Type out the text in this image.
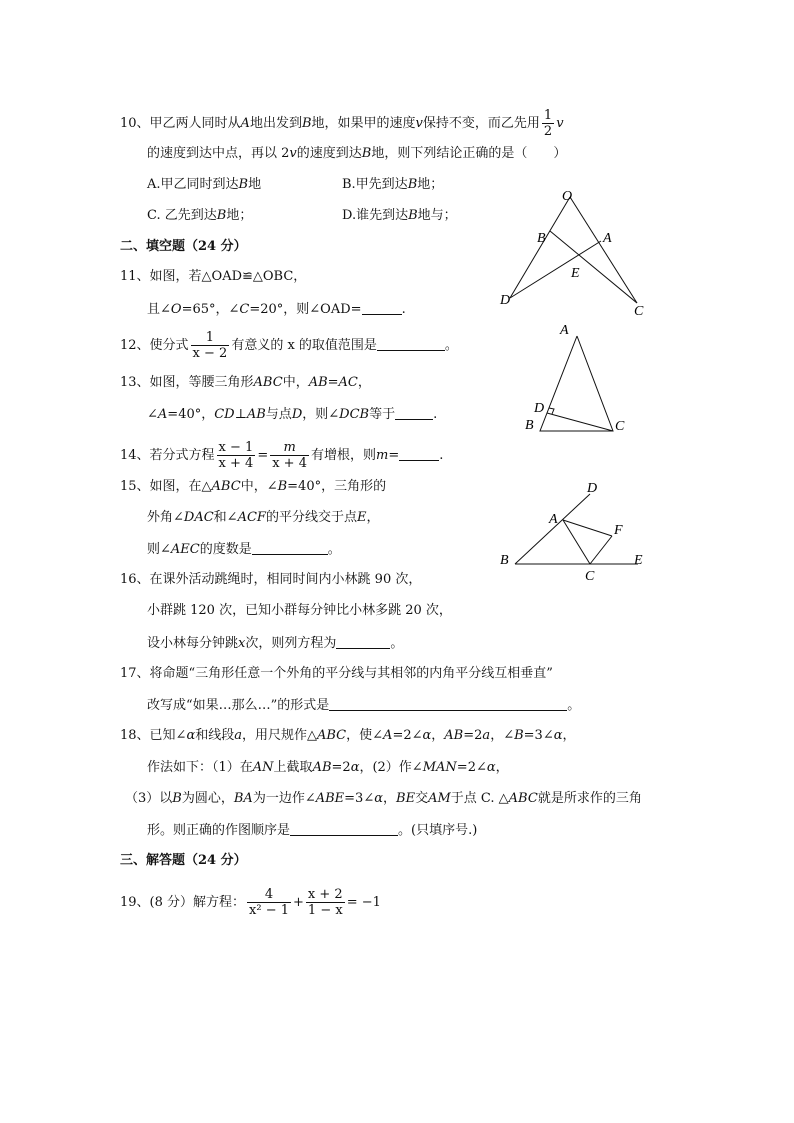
10、甲乙两人同时从A地出发到B地，如果甲的速度v保持不变，而乙先用 $\frac{1}{2}$ v
的速度到达中点，再以 2v的速度到达B地，则下列结论正确的是（　　）
A.甲乙同时到达B地	B.甲先到达B地；
C. 乙先到达B地；	D.谁先到达B地与；
二、填空题（24 分）
11、如图，若△OAD≌△OBC，
且∠O=65°，∠C=20°，则∠OAD=	.
12、使分式 $\frac{1}{x - 2}$ 有意义的 x 的取值范围是	。
13、如图，等腰三角形ABC中，AB=AC，
∠A=40°，CD⊥AB与点D，则∠DCB等于	.
14、若分式方程 $\frac{x - 1}{x + 4} = \frac{m}{x + 4}$ 有增根，则m=	.
15、如图，在△ABC中，∠B=40°，三角形的
外角∠DAC和∠ACF的平分线交于点E，
则∠AEC的度数是	。
16、在课外活动跳绳时，相同时间内小林跳 90 次，
小群跳 120 次，已知小群每分钟比小林多跳 20 次，
设小林每分钟跳x次，则列方程为	。
17、将命题“三角形任意一个外角的平分线与其相邻的内角平分线互相垂直”
改写成“如果…那么…”的形式是	。
18、已知∠α和线段a，用尺规作△ABC，使∠A=2∠α，AB=2a，∠B=3∠α，
作法如下：（1）在AN上截取AB=2α，(2）作∠MAN=2∠α，
（3）以B为圆心，BA为一边作∠ABE=3∠α，BE交AM于点 C. △ABC就是所求作的三角
形。则正确的作图顺序是	。(只填序号.)
三、解答题（24 分）
19、(8 分）解方程： $\frac{4}{\text{x² − 1}} + \frac{x + 2}{1 - x} = -1$
O
B	A
E
D
C
A
D
B	C
D
A
F
B
C
E
